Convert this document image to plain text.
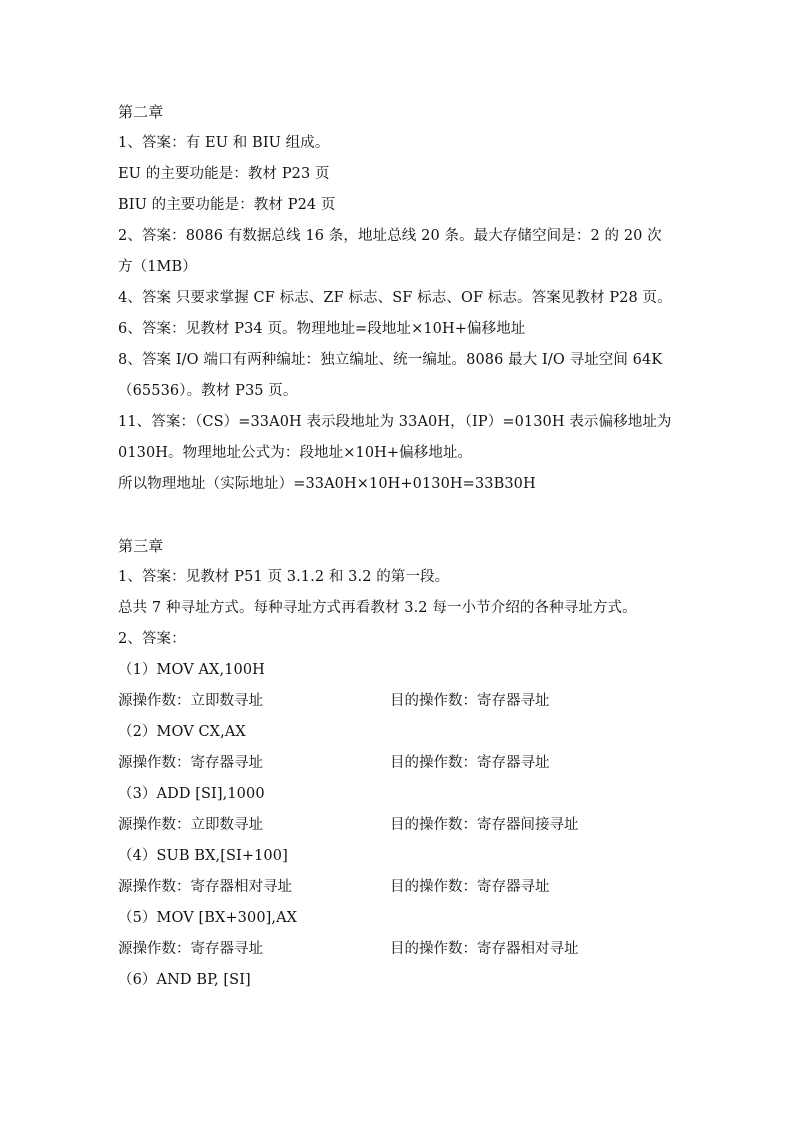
第二章
1、答案：有 EU 和 BIU 组成。
EU 的主要功能是：教材 P23 页
BIU 的主要功能是：教材 P24 页
2、答案：8086 有数据总线 16 条，地址总线 20 条。最大存储空间是：2 的 20 次
方（1MB）
4、答案 只要求掌握 CF 标志、ZF 标志、SF 标志、OF 标志。答案见教材 P28 页。
6、答案：见教材 P34 页。物理地址=段地址×10H+偏移地址
8、答案 I/O 端口有两种编址：独立编址、统一编址。8086 最大 I/O 寻址空间 64K
（65536）。教材 P35 页。
11、答案：（CS）=33A0H 表示段地址为 33A0H，（IP）=0130H 表示偏移地址为
0130H。物理地址公式为：段地址×10H+偏移地址。
所以物理地址（实际地址）=33A0H×10H+0130H=33B30H
第三章
1、答案：见教材 P51 页 3.1.2 和 3.2 的第一段。
总共 7 种寻址方式。每种寻址方式再看教材 3.2 每一小节介绍的各种寻址方式。
2、答案：
（1）MOV AX,100H
源操作数：立即数寻址	目的操作数：寄存器寻址
（2）MOV CX,AX
源操作数：寄存器寻址	目的操作数：寄存器寻址
（3）ADD [SI],1000
源操作数：立即数寻址	目的操作数：寄存器间接寻址
（4）SUB BX,[SI+100]
源操作数：寄存器相对寻址	目的操作数：寄存器寻址
（5）MOV [BX+300],AX
源操作数：寄存器寻址	目的操作数：寄存器相对寻址
（6）AND BP, [SI]
